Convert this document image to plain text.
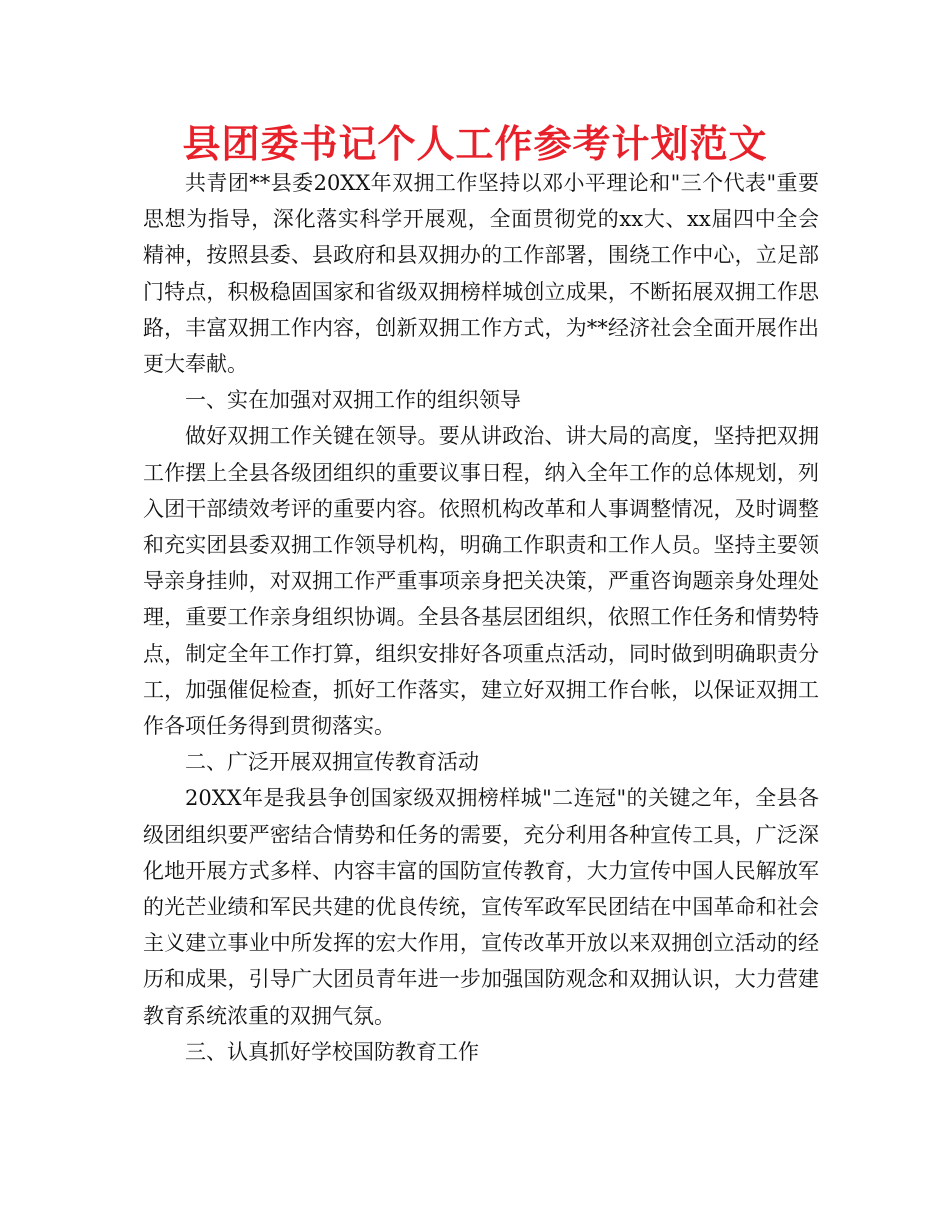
县团委书记个人工作参考计划范文

共青团**县委20XX年双拥工作坚持以邓小平理论和"三个代表"重要思想为指导，深化落实科学开展观，全面贯彻党的xx大、xx届四中全会精神，按照县委、县政府和县双拥办的工作部署，围绕工作中心，立足部门特点，积极稳固国家和省级双拥榜样城创立成果，不断拓展双拥工作思路，丰富双拥工作内容，创新双拥工作方式，为**经济社会全面开展作出更大奉献。

一、实在加强对双拥工作的组织领导

做好双拥工作关键在领导。要从讲政治、讲大局的高度，坚持把双拥工作摆上全县各级团组织的重要议事日程，纳入全年工作的总体规划，列入团干部绩效考评的重要内容。依照机构改革和人事调整情况，及时调整和充实团县委双拥工作领导机构，明确工作职责和工作人员。坚持主要领导亲身挂帅，对双拥工作严重事项亲身把关决策，严重咨询题亲身处理处理，重要工作亲身组织协调。全县各基层团组织，依照工作任务和情势特点，制定全年工作打算，组织安排好各项重点活动，同时做到明确职责分工，加强催促检查，抓好工作落实，建立好双拥工作台帐，以保证双拥工作各项任务得到贯彻落实。

二、广泛开展双拥宣传教育活动

20XX年是我县争创国家级双拥榜样城"二连冠"的关键之年，全县各级团组织要严密结合情势和任务的需要，充分利用各种宣传工具，广泛深化地开展方式多样、内容丰富的国防宣传教育，大力宣传中国人民解放军的光芒业绩和军民共建的优良传统，宣传军政军民团结在中国革命和社会主义建立事业中所发挥的宏大作用，宣传改革开放以来双拥创立活动的经历和成果，引导广大团员青年进一步加强国防观念和双拥认识，大力营建教育系统浓重的双拥气氛。

三、认真抓好学校国防教育工作
